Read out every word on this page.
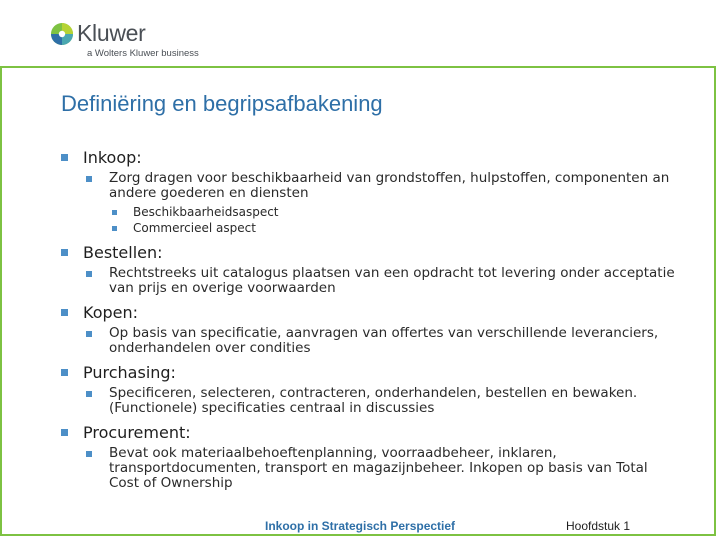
Kluwer
a Wolters Kluwer business
Definiëring en begripsafbakening
Inkoop:
Zorg dragen voor beschikbaarheid van grondstoffen, hulpstoffen, componenten an andere goederen en diensten
Beschikbaarheidsaspect
Commercieel aspect
Bestellen:
Rechtstreeks uit catalogus plaatsen van een opdracht tot levering onder acceptatie van prijs en overige voorwaarden
Kopen:
Op basis van specificatie, aanvragen van offertes van verschillende leveranciers, onderhandelen over condities
Purchasing:
Specificeren, selecteren, contracteren, onderhandelen, bestellen en bewaken. (Functionele) specificaties centraal in discussies
Procurement:
Bevat ook materiaalbehoeftenplanning, voorraadbeheer, inklaren, transportdocumenten, transport en magazijnbeheer. Inkopen op basis van Total Cost of Ownership
Inkoop in Strategisch Perspectief	Hoofdstuk 1
